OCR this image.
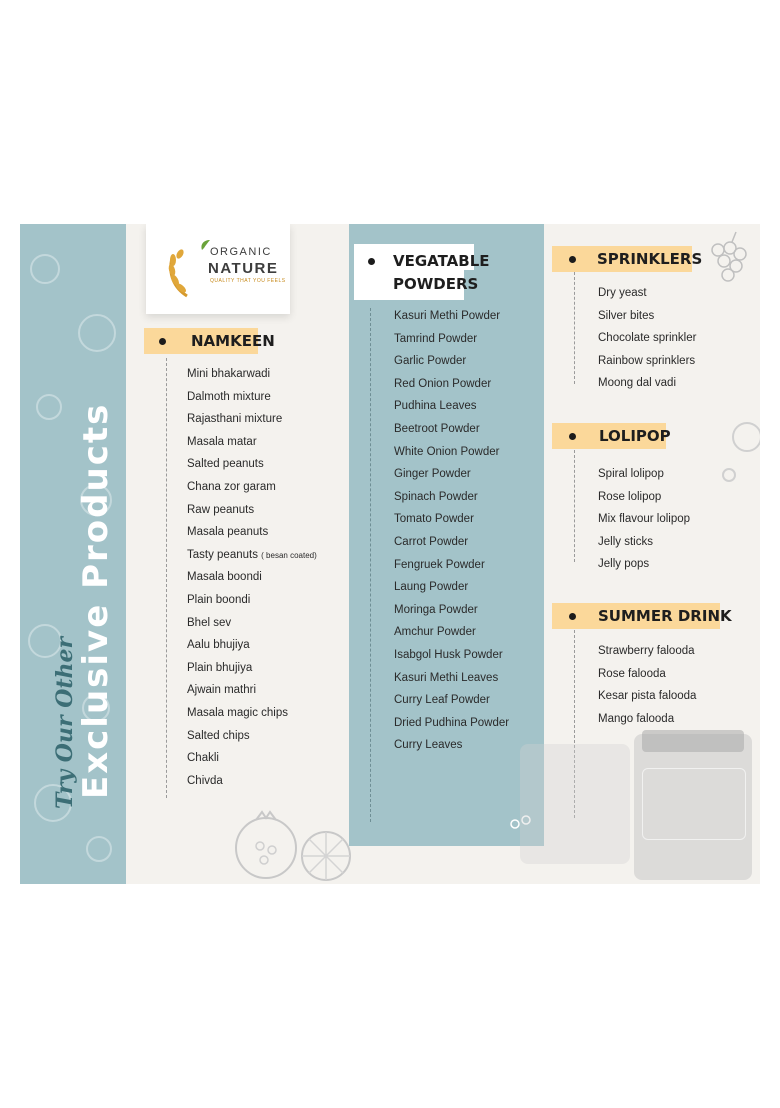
Try Our Other
Exclusive Products
ORGANIC
NATURE
QUALITY THAT YOU FEELS
NAMKEEN
Mini bhakarwadi
Dalmoth mixture
Rajasthani mixture
Masala matar
Salted peanuts
Chana zor garam
Raw peanuts
Masala peanuts
Tasty peanuts ( besan coated)
Masala boondi
Plain boondi
Bhel sev
Aalu bhujiya
Plain bhujiya
Ajwain mathri
Masala magic chips
Salted chips
Chakli
Chivda
VEGATABLE
POWDERS
Kasuri Methi Powder
Tamrind Powder
Garlic Powder
Red Onion Powder
Pudhina Leaves
Beetroot Powder
White Onion Powder
Ginger Powder
Spinach Powder
Tomato Powder
Carrot Powder
Fengruek Powder
Laung Powder
Moringa Powder
Amchur Powder
Isabgol Husk Powder
Kasuri Methi Leaves
Curry Leaf Powder
Dried Pudhina Powder
Curry Leaves
SPRINKLERS
Dry yeast
Silver bites
Chocolate sprinkler
Rainbow sprinklers
Moong dal vadi
LOLIPOP
Spiral lolipop
Rose lolipop
Mix flavour lolipop
Jelly sticks
Jelly pops
SUMMER DRINK
Strawberry falooda
Rose falooda
Kesar pista falooda
Mango falooda
